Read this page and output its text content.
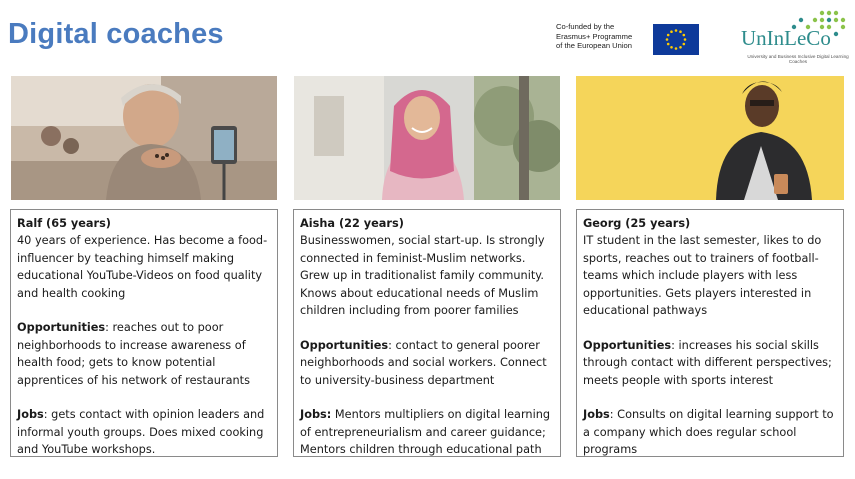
Digital coaches	Co-funded by the
Erasmus+ Programme
of the European Union	UnInLeCo
University and Business Inclusive Digital Learning Coaches
Ralf (65 years)

40 years of experience. Has become a food-influencer by teaching himself making educational YouTube-Videos on food quality and health cooking

Opportunities: reaches out to poor neighborhoods to increase awareness of health food; gets to know potential apprentices of his network of restaurants

Jobs: gets contact with opinion leaders and informal youth groups. Does mixed cooking and YouTube workshops.

Aisha (22 years)

Businesswomen, social start-up. Is strongly connected in feminist-Muslim networks. Grew up in traditionalist family community. Knows about educational needs of Muslim children including from poorer families

Opportunities: contact to general poorer neighborhoods and social workers. Connect to university-business department

Jobs: Mentors multipliers on digital learning of entrepreneurialism and career guidance; Mentors children through educational path

Georg (25 years)

IT student in the last semester, likes to do sports, reaches out to trainers of football-teams which include players with less opportunities. Gets players interested in educational pathways

Opportunities: increases his social skills through contact with different perspectives; meets people with sports interest

Jobs: Consults on digital learning support to a company which does regular school programs
